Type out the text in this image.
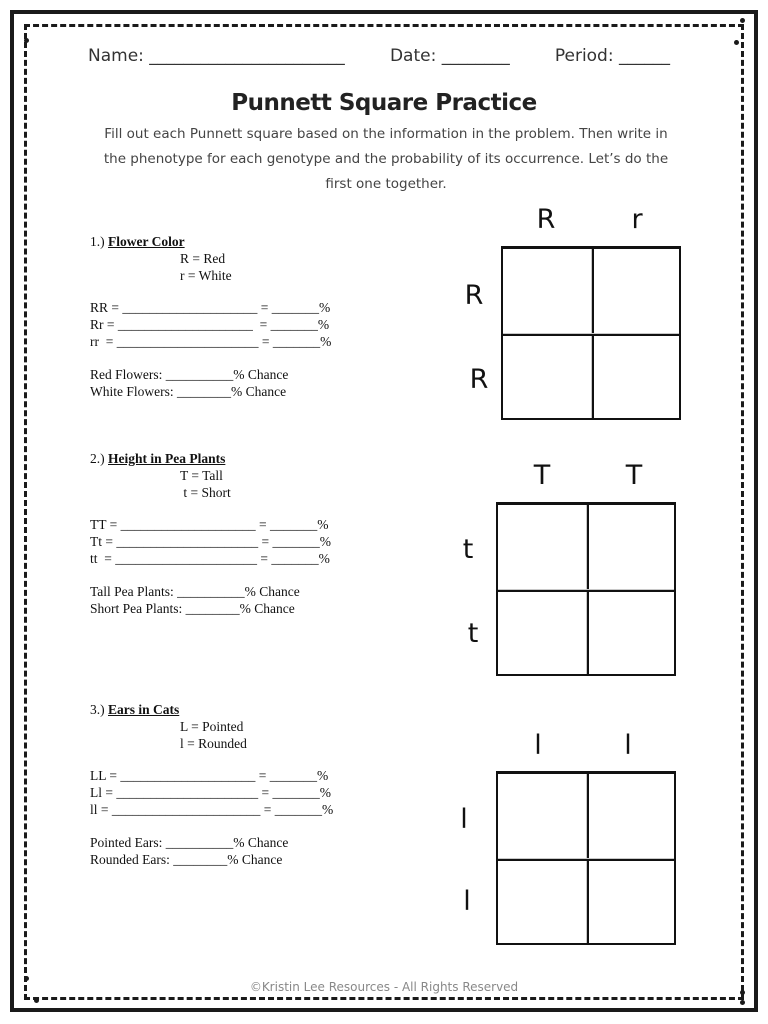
Name: _______________________	Date: ________	Period: ______
Punnett Square Practice
Fill out each Punnett square based on the information in the problem. Then write in the phenotype for each genotype and the probability of its occurrence. Let’s do the first one together.
1.) Flower Color
R = Red
r = White
RR = ____________________ = _______%
Rr = ____________________  = _______%
rr  = _____________________ = _______%
Red Flowers: __________% Chance
White Flowers: ________% Chance
R	r
R
R
2.) Height in Pea Plants
T = Tall
t = Short
TT = ____________________ = _______%
Tt = _____________________ = _______%
tt  = _____________________ = _______%
Tall Pea Plants: __________% Chance
Short Pea Plants: ________% Chance
T	T
t
t
3.) Ears in Cats
L = Pointed
l = Rounded
LL = ____________________ = _______%
Ll = _____________________ = _______%
ll = ______________________ = _______%
Pointed Ears: __________% Chance
Rounded Ears: ________% Chance
l	l
l
l
©Kristin Lee Resources - All Rights Reserved
